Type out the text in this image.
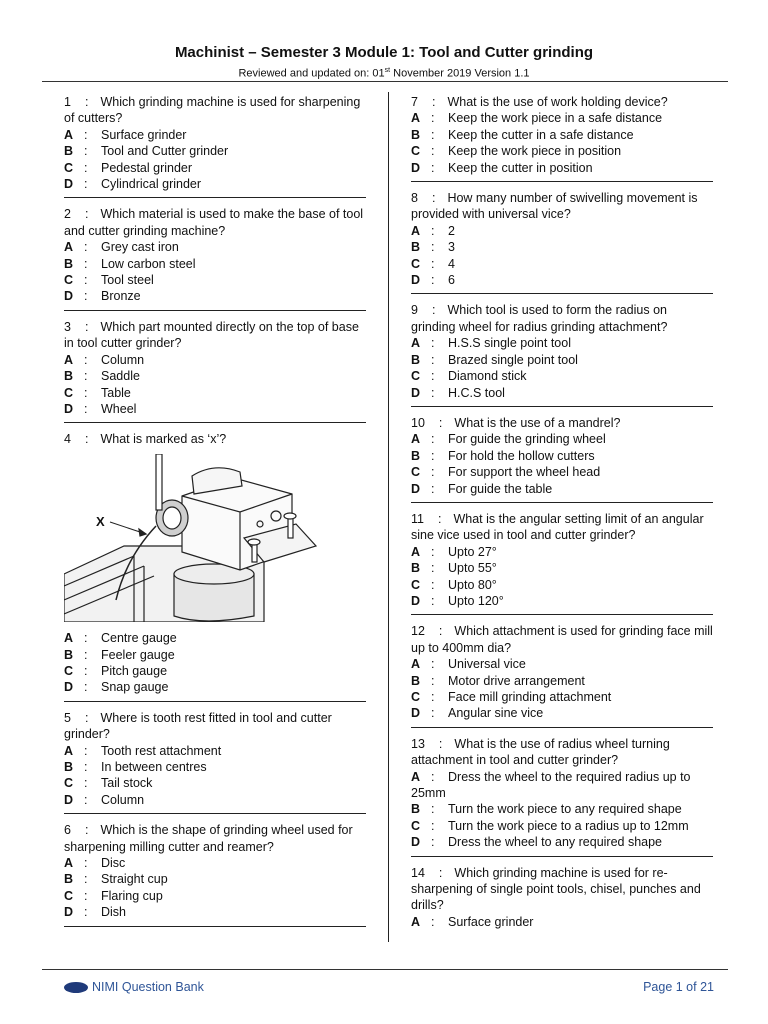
Machinist – Semester 3 Module 1: Tool and Cutter grinding
Reviewed and updated on: 01st November 2019 Version 1.1
1 : Which grinding machine is used for sharpening of cutters?
A : Surface grinder
B : Tool and Cutter grinder
C : Pedestal grinder
D : Cylindrical grinder
2 : Which material is used to make the base of tool and cutter grinding machine?
A : Grey cast iron
B : Low carbon steel
C : Tool steel
D : Bronze
3 : Which part mounted directly on the top of base in tool cutter grinder?
A : Column
B : Saddle
C : Table
D : Wheel
4 : What is marked as ‘x’?
X
A : Centre gauge
B : Feeler gauge
C : Pitch gauge
D : Snap gauge
5 : Where is tooth rest fitted in tool and cutter grinder?
A : Tooth rest attachment
B : In between centres
C : Tail stock
D : Column
6 : Which is the shape of grinding wheel used for sharpening milling cutter and reamer?
A : Disc
B : Straight cup
C : Flaring cup
D : Dish
7 : What is the use of work holding device?
A : Keep the work piece in a safe distance
B : Keep the cutter in a safe distance
C : Keep the work piece in position
D : Keep the cutter in position
8 : How many number of swivelling movement is provided with universal vice?
A : 2
B : 3
C : 4
D : 6
9 : Which tool is used to form the radius on grinding wheel for radius grinding attachment?
A : H.S.S single point tool
B : Brazed single point tool
C : Diamond stick
D : H.C.S tool
10 : What is the use of a mandrel?
A : For guide the grinding wheel
B : For hold the hollow cutters
C : For support the wheel head
D : For guide the table
11 : What is the angular setting limit of an angular sine vice used in tool and cutter grinder?
A : Upto 27°
B : Upto 55°
C : Upto 80°
D : Upto 120°
12 : Which attachment is used for grinding face mill up to 400mm dia?
A : Universal vice
B : Motor drive arrangement
C : Face mill grinding attachment
D : Angular sine vice
13 : What is the use of radius wheel turning attachment in tool and cutter grinder?
A : Dress the wheel to the required radius up to 25mm
B : Turn the work piece to any required shape
C : Turn the work piece to a radius up to 12mm
D : Dress the wheel to any required shape
14 : Which grinding machine is used for re-sharpening of single point tools, chisel, punches and drills?
A : Surface grinder
NIMI Question Bank	Page 1 of 21
